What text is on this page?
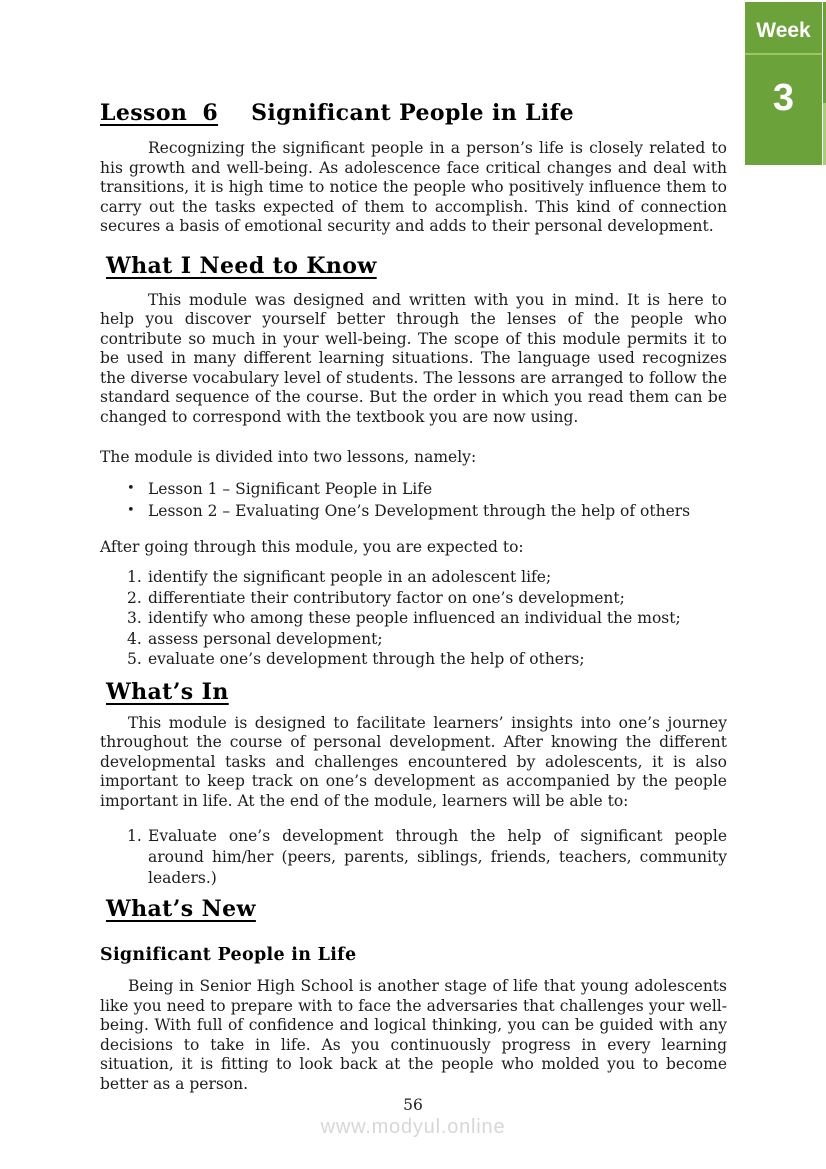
Week
3
Lesson 6 Significant People in Life

Recognizing the significant people in a person’s life is closely related to his growth and well-being. As adolescence face critical changes and deal with transitions, it is high time to notice the people who positively influence them to carry out the tasks expected of them to accomplish. This kind of connection secures a basis of emotional security and adds to their personal development.

What I Need to Know

This module was designed and written with you in mind. It is here to help you discover yourself better through the lenses of the people who contribute so much in your well-being. The scope of this module permits it to be used in many different learning situations. The language used recognizes the diverse vocabulary level of students. The lessons are arranged to follow the standard sequence of the course. But the order in which you read them can be changed to correspond with the textbook you are now using.

The module is divided into two lessons, namely:

• Lesson 1 – Significant People in Life
• Lesson 2 – Evaluating One’s Development through the help of others

After going through this module, you are expected to:

1. identify the significant people in an adolescent life;
2. differentiate their contributory factor on one’s development;
3. identify who among these people influenced an individual the most;
4. assess personal development;
5. evaluate one’s development through the help of others;
What’s In

This module is designed to facilitate learners’ insights into one’s journey throughout the course of personal development. After knowing the different developmental tasks and challenges encountered by adolescents, it is also important to keep track on one’s development as accompanied by the people important in life. At the end of the module, learners will be able to:

1. Evaluate one’s development through the help of significant people around him/her (peers, parents, siblings, friends, teachers, community leaders.)
What’s New
Significant People in Life

Being in Senior High School is another stage of life that young adolescents like you need to prepare with to face the adversaries that challenges your well-being. With full of confidence and logical thinking, you can be guided with any decisions to take in life. As you continuously progress in every learning situation, it is fitting to look back at the people who molded you to become better as a person.

56
www.modyul.online
